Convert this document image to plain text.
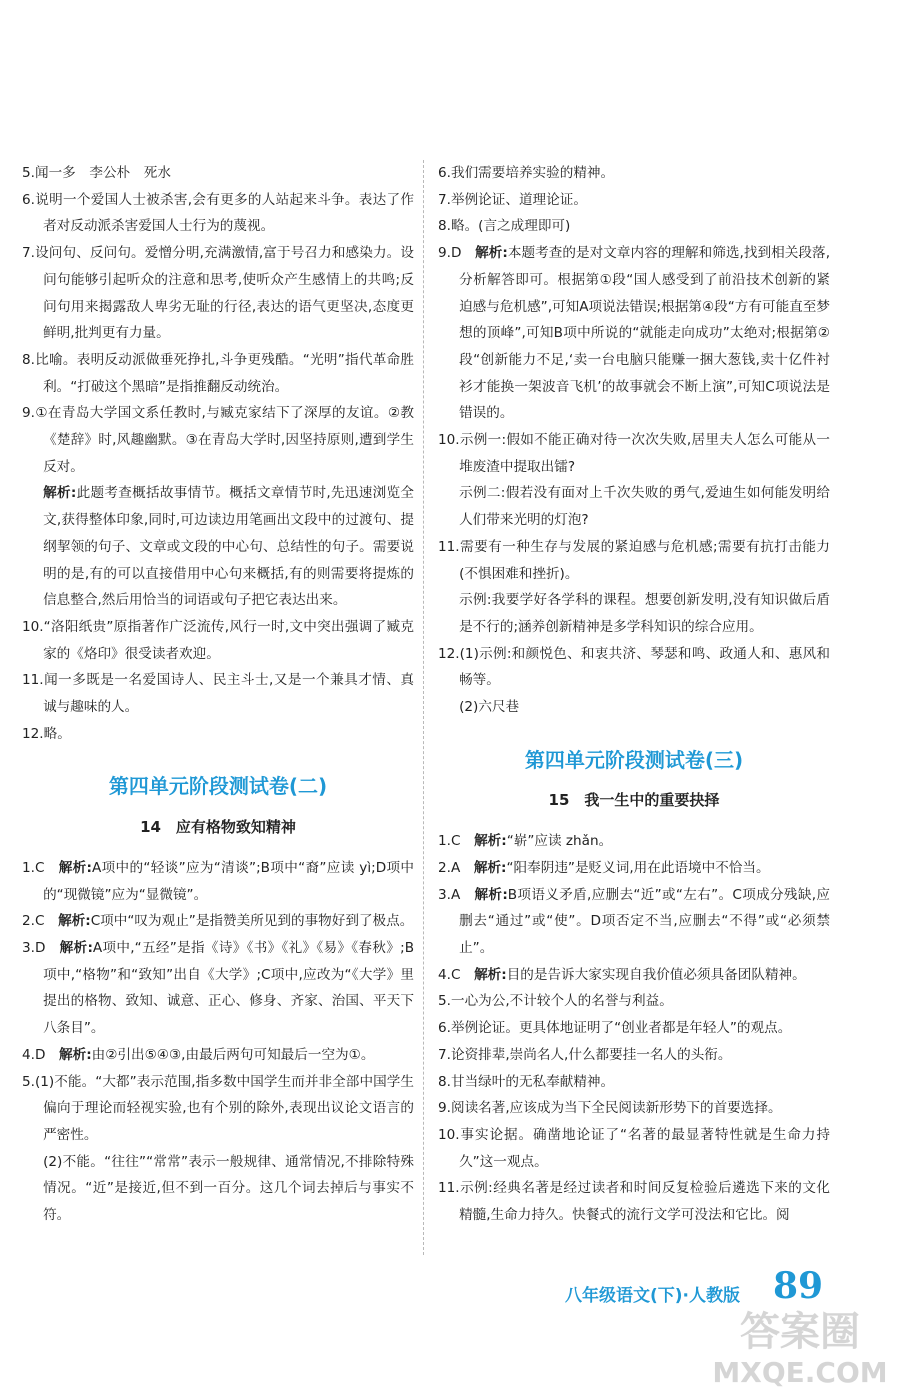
5.闻一多　李公朴　死水

6.说明一个爱国人士被杀害,会有更多的人站起来斗争。表达了作者对反动派杀害爱国人士行为的蔑视。

7.设问句、反问句。爱憎分明,充满激情,富于号召力和感染力。设问句能够引起听众的注意和思考,使听众产生感情上的共鸣;反问句用来揭露敌人卑劣无耻的行径,表达的语气更坚决,态度更鲜明,批判更有力量。

8.比喻。表明反动派做垂死挣扎,斗争更残酷。“光明”指代革命胜利。“打破这个黑暗”是指推翻反动统治。

9.①在青岛大学国文系任教时,与臧克家结下了深厚的友谊。②教《楚辞》时,风趣幽默。③在青岛大学时,因坚持原则,遭到学生反对。

解析:此题考查概括故事情节。概括文章情节时,先迅速浏览全文,获得整体印象,同时,可边读边用笔画出文段中的过渡句、提纲挈领的句子、文章或文段的中心句、总结性的句子。需要说明的是,有的可以直接借用中心句来概括,有的则需要将提炼的信息整合,然后用恰当的词语或句子把它表达出来。

10.“洛阳纸贵”原指著作广泛流传,风行一时,文中突出强调了臧克家的《烙印》很受读者欢迎。

11.闻一多既是一名爱国诗人、民主斗士,又是一个兼具才情、真诚与趣味的人。

12.略。

第四单元阶段测试卷(二)

14　应有格物致知精神

1.C　解析:A项中的“轻谈”应为“清谈”;B项中“裔”应读 yì;D项中的“现微镜”应为“显微镜”。

2.C　解析:C项中“叹为观止”是指赞美所见到的事物好到了极点。

3.D　解析:A项中,“五经”是指《诗》《书》《礼》《易》《春秋》;B项中,“格物”和“致知”出自《大学》;C项中,应改为“《大学》里提出的格物、致知、诚意、正心、修身、齐家、治国、平天下八条目”。

4.D　解析:由②引出⑤④③,由最后两句可知最后一空为①。

5.(1)不能。“大都”表示范围,指多数中国学生而并非全部中国学生偏向于理论而轻视实验,也有个别的除外,表现出议论文语言的严密性。

(2)不能。“往往”“常常”表示一般规律、通常情况,不排除特殊情况。“近”是接近,但不到一百分。这几个词去掉后与事实不符。

6.我们需要培养实验的精神。

7.举例论证、道理论证。

8.略。(言之成理即可)

9.D　解析:本题考查的是对文章内容的理解和筛选,找到相关段落,分析解答即可。根据第①段“国人感受到了前沿技术创新的紧迫感与危机感”,可知A项说法错误;根据第④段“方有可能直至梦想的顶峰”,可知B项中所说的“就能走向成功”太绝对;根据第②段“创新能力不足,‘卖一台电脑只能赚一捆大葱钱,卖十亿件衬衫才能换一架波音飞机’的故事就会不断上演”,可知C项说法是错误的。

10.示例一:假如不能正确对待一次次失败,居里夫人怎么可能从一堆废渣中提取出镭?

示例二:假若没有面对上千次失败的勇气,爱迪生如何能发明给人们带来光明的灯泡?

11.需要有一种生存与发展的紧迫感与危机感;需要有抗打击能力(不惧困难和挫折)。

示例:我要学好各学科的课程。想要创新发明,没有知识做后盾是不行的;涵养创新精神是多学科知识的综合应用。

12.(1)示例:和颜悦色、和衷共济、琴瑟和鸣、政通人和、惠风和畅等。

(2)六尺巷

第四单元阶段测试卷(三)

15　我一生中的重要抉择

1.C　解析:“崭”应读 zhǎn。

2.A　解析:“阳奉阴违”是贬义词,用在此语境中不恰当。

3.A　解析:B项语义矛盾,应删去“近”或“左右”。C项成分残缺,应删去“通过”或“使”。D项否定不当,应删去“不得”或“必须禁止”。

4.C　解析:目的是告诉大家实现自我价值必须具备团队精神。

5.一心为公,不计较个人的名誉与利益。

6.举例论证。更具体地证明了“创业者都是年轻人”的观点。

7.论资排辈,崇尚名人,什么都要挂一名人的头衔。

8.甘当绿叶的无私奉献精神。

9.阅读名著,应该成为当下全民阅读新形势下的首要选择。

10.事实论据。确凿地论证了“名著的最显著特性就是生命力持久”这一观点。

11.示例:经典名著是经过读者和时间反复检验后遴选下来的文化精髓,生命力持久。快餐式的流行文学可没法和它比。阅

八年级语文(下)·人教版 89
答案圈
MXQE.COM
